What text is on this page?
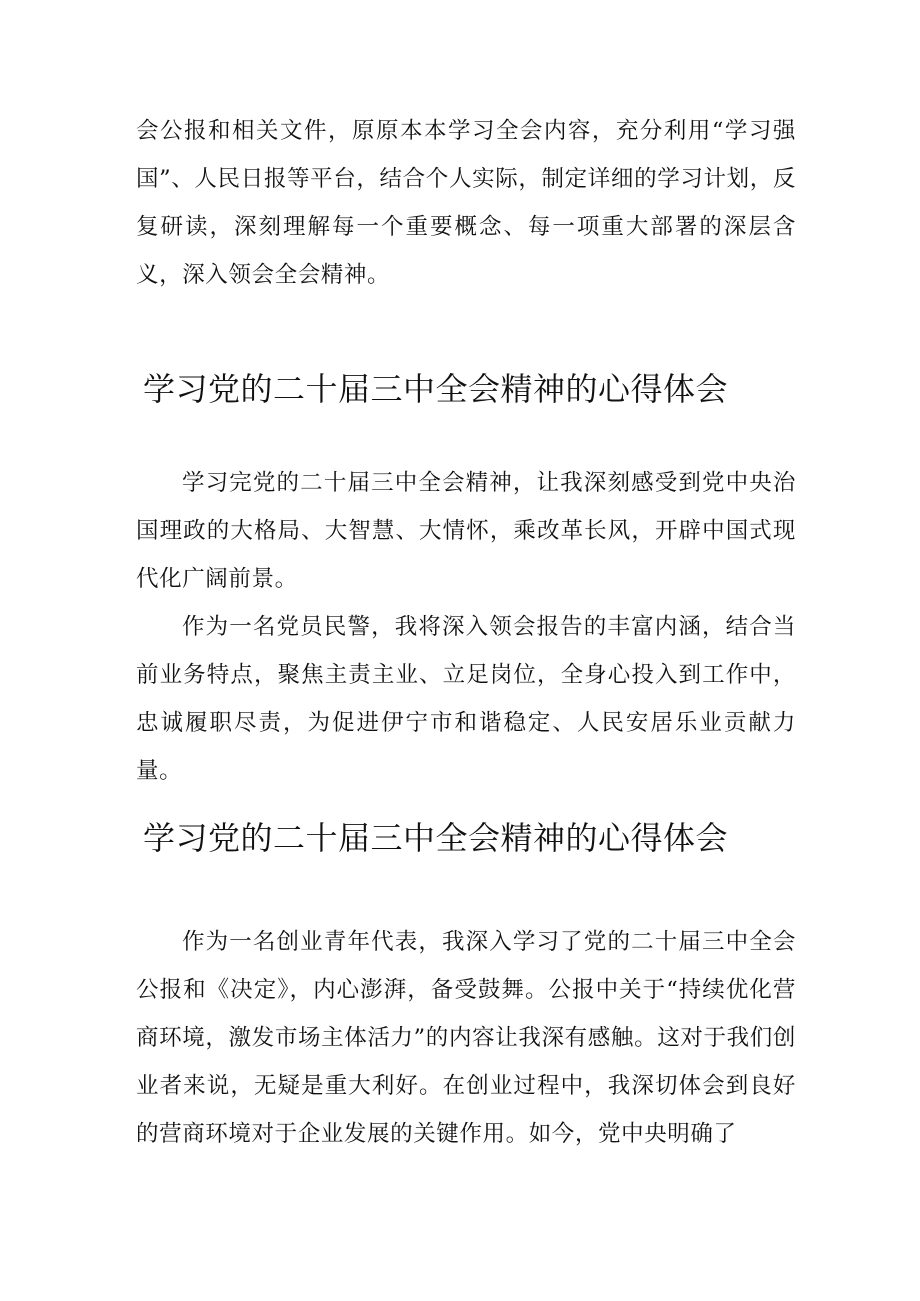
会公报和相关文件，原原本本学习全会内容，充分利用“学习强国”、人民日报等平台，结合个人实际，制定详细的学习计划，反复研读，深刻理解每一个重要概念、每一项重大部署的深层含义，深入领会全会精神。

学习党的二十届三中全会精神的心得体会

学习完党的二十届三中全会精神，让我深刻感受到党中央治国理政的大格局、大智慧、大情怀，乘改革长风，开辟中国式现代化广阔前景。

作为一名党员民警，我将深入领会报告的丰富内涵，结合当前业务特点，聚焦主责主业、立足岗位，全身心投入到工作中，忠诚履职尽责，为促进伊宁市和谐稳定、人民安居乐业贡献力量。

学习党的二十届三中全会精神的心得体会

作为一名创业青年代表，我深入学习了党的二十届三中全会公报和《决定》，内心澎湃，备受鼓舞。公报中关于“持续优化营商环境，激发市场主体活力”的内容让我深有感触。这对于我们创业者来说，无疑是重大利好。在创业过程中，我深切体会到良好的营商环境对于企业发展的关键作用。如今，党中央明确了
